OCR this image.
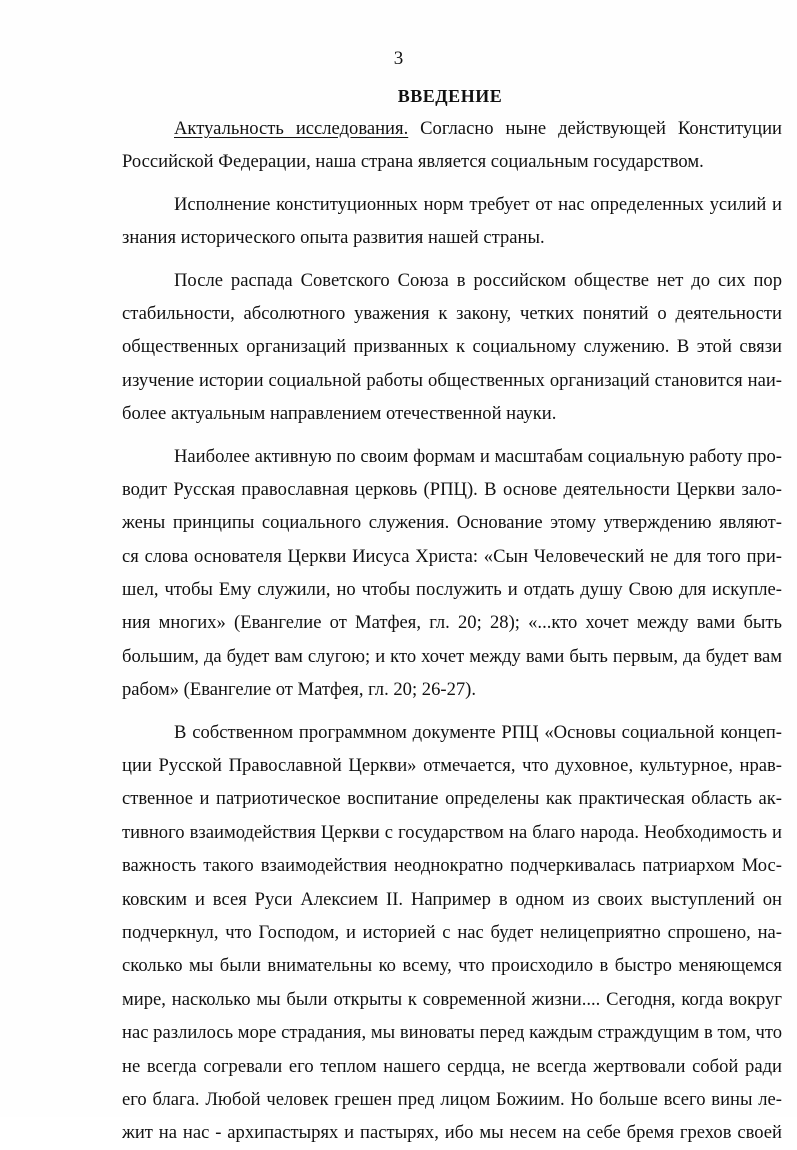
3
ВВЕДЕНИЕ
Актуальность исследования. Согласно ныне действующей Конституции
Российской Федерации, наша страна является социальным государством.
Исполнение конституционных норм требует от нас определенных усилий и
знания исторического опыта развития нашей страны.
После распада Советского Союза в российском обществе нет до сих пор
стабильности, абсолютного уважения к закону, четких понятий о деятельности
общественных организаций призванных к социальному служению. В этой связи
изучение истории социальной работы общественных организаций становится наи-
более актуальным направлением отечественной науки.
Наиболее активную по своим формам и масштабам социальную работу про-
водит Русская православная церковь (РПЦ). В основе деятельности Церкви зало-
жены принципы социального служения. Основание этому утверждению являют-
ся слова основателя Церкви Иисуса Христа: «Сын Человеческий не для того при-
шел, чтобы Ему служили, но чтобы послужить и отдать душу Свою для искупле-
ния многих» (Евангелие от Матфея, гл. 20; 28); «...кто хочет между вами быть
большим, да будет вам слугою; и кто хочет между вами быть первым, да будет вам
рабом» (Евангелие от Матфея, гл. 20; 26-27).
В собственном программном документе РПЦ «Основы социальной концеп-
ции Русской Православной Церкви» отмечается, что духовное, культурное, нрав-
ственное и патриотическое воспитание определены как практическая область ак-
тивного взаимодействия Церкви с государством на благо народа. Необходимость и
важность такого взаимодействия неоднократно подчеркивалась патриархом Мос-
ковским и всея Руси Алексием II. Например в одном из своих выступлений он
подчеркнул, что Господом, и историей с нас будет нелицеприятно спрошено, на-
сколько мы были внимательны ко всему, что происходило в быстро меняющемся
мире, насколько мы были открыты к современной жизни.... Сегодня, когда вокруг
нас разлилось море страдания, мы виноваты перед каждым страждущим в том, что
не всегда согревали его теплом нашего сердца, не всегда жертвовали собой ради
его блага. Любой человек грешен пред лицом Божиим. Но больше всего вины ле-
жит на нас - архипастырях и пастырях, ибо мы несем на себе бремя грехов своей
